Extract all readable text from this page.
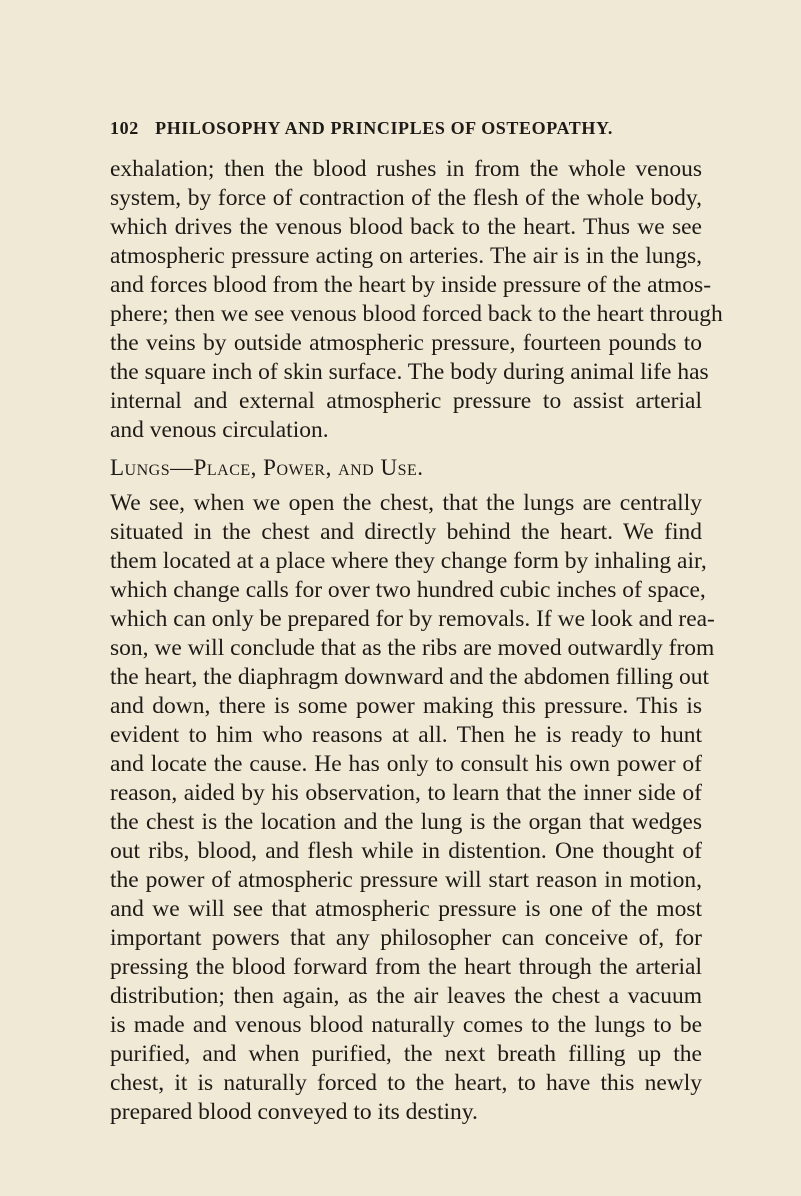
102 PHILOSOPHY AND PRINCIPLES OF OSTEOPATHY.

exhalation; then the blood rushes in from the whole venous
system, by force of contraction of the flesh of the whole body,
which drives the venous blood back to the heart. Thus we see
atmospheric pressure acting on arteries. The air is in the lungs,
and forces blood from the heart by inside pressure of the atmos-
phere; then we see venous blood forced back to the heart through
the veins by outside atmospheric pressure, fourteen pounds to
the square inch of skin surface. The body during animal life has
internal and external atmospheric pressure to assist arterial
and venous circulation.

Lungs—Place, Power, and Use.

We see, when we open the chest, that the lungs are centrally
situated in the chest and directly behind the heart. We find
them located at a place where they change form by inhaling air,
which change calls for over two hundred cubic inches of space,
which can only be prepared for by removals. If we look and rea-
son, we will conclude that as the ribs are moved outwardly from
the heart, the diaphragm downward and the abdomen filling out
and down, there is some power making this pressure. This is
evident to him who reasons at all. Then he is ready to hunt
and locate the cause. He has only to consult his own power of
reason, aided by his observation, to learn that the inner side of
the chest is the location and the lung is the organ that wedges
out ribs, blood, and flesh while in distention. One thought of
the power of atmospheric pressure will start reason in motion,
and we will see that atmospheric pressure is one of the most
important powers that any philosopher can conceive of, for
pressing the blood forward from the heart through the arterial
distribution; then again, as the air leaves the chest a vacuum
is made and venous blood naturally comes to the lungs to be
purified, and when purified, the next breath filling up the
chest, it is naturally forced to the heart, to have this newly
prepared blood conveyed to its destiny.
